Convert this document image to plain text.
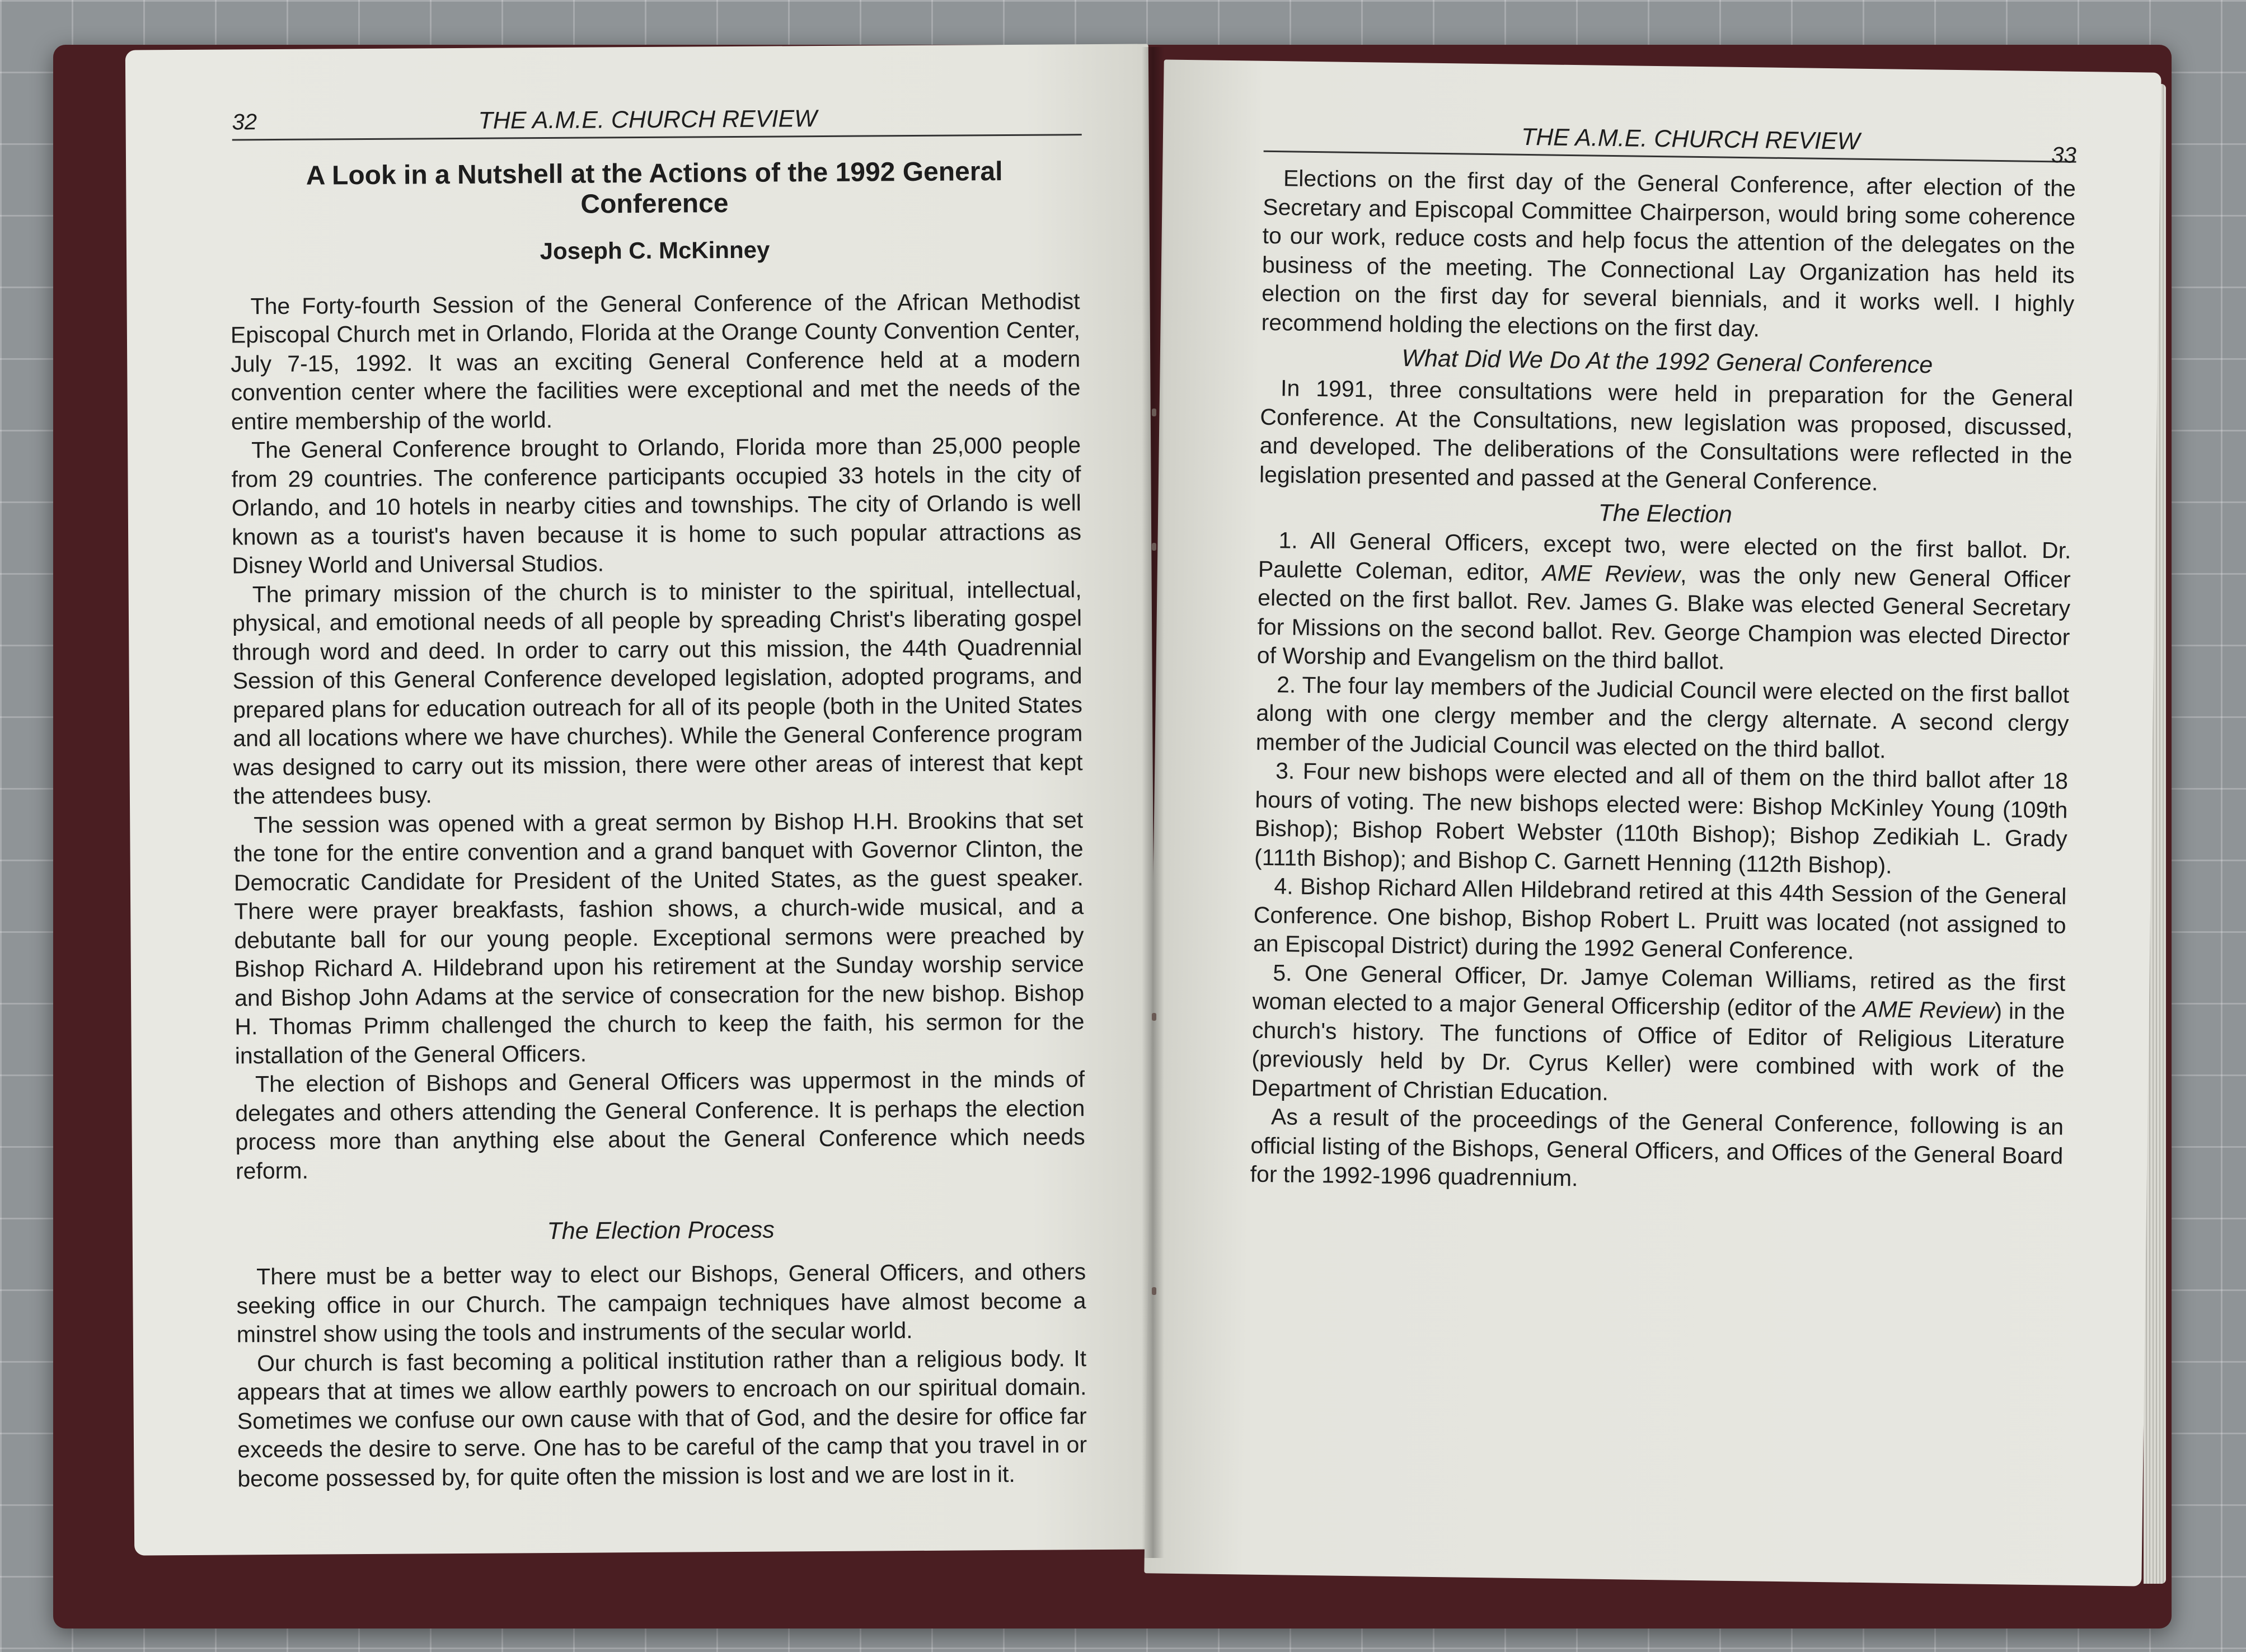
32	THE A.M.E. CHURCH REVIEW
A Look in a Nutshell at the Actions of the 1992 General Conference
Joseph C. McKinney

The Forty-fourth Session of the General Conference of the African Methodist Episcopal Church met in Orlando, Florida at the Orange County Convention Center, July 7-15, 1992. It was an exciting General Conference held at a modern convention center where the facilities were exceptional and met the needs of the entire membership of the world.

The General Conference brought to Orlando, Florida more than 25,000 people from 29 countries. The conference participants occupied 33 hotels in the city of Orlando, and 10 hotels in nearby cities and townships. The city of Orlando is well known as a tourist's haven because it is home to such popular attractions as Disney World and Universal Studios.

The primary mission of the church is to minister to the spiritual, intellectual, physical, and emotional needs of all people by spreading Christ's liberating gospel through word and deed. In order to carry out this mission, the 44th Quadrennial Session of this General Conference developed legislation, adopted programs, and prepared plans for education outreach for all of its people (both in the United States and all locations where we have churches). While the General Conference program was designed to carry out its mission, there were other areas of interest that kept the attendees busy.

The session was opened with a great sermon by Bishop H.H. Brookins that set the tone for the entire convention and a grand banquet with Governor Clinton, the Democratic Candidate for President of the United States, as the guest speaker. There were prayer breakfasts, fashion shows, a church-wide musical, and a debutante ball for our young people. Exceptional sermons were preached by Bishop Richard A. Hildebrand upon his retirement at the Sunday worship service and Bishop John Adams at the service of consecration for the new bishop. Bishop H. Thomas Primm challenged the church to keep the faith, his sermon for the installation of the General Officers.

The election of Bishops and General Officers was uppermost in the minds of delegates and others attending the General Conference. It is perhaps the election process more than anything else about the General Conference which needs reform.

The Election Process

There must be a better way to elect our Bishops, General Officers, and others seeking office in our Church. The campaign techniques have almost become a minstrel show using the tools and instruments of the secular world.

Our church is fast becoming a political institution rather than a religious body. It appears that at times we allow earthly powers to encroach on our spiritual domain. Sometimes we confuse our own cause with that of God, and the desire for office far exceeds the desire to serve. One has to be careful of the camp that you travel in or become possessed by, for quite often the mission is lost and we are lost in it.

THE A.M.E. CHURCH REVIEW
33

Elections on the first day of the General Conference, after election of the Secretary and Episcopal Committee Chairperson, would bring some coherence to our work, reduce costs and help focus the attention of the delegates on the business of the meeting. The Connectional Lay Organization has held its election on the first day for several biennials, and it works well. I highly recommend holding the elections on the first day.

What Did We Do At the 1992 General Conference

In 1991, three consultations were held in preparation for the General Conference. At the Consultations, new legislation was proposed, discussed, and developed. The deliberations of the Consultations were reflected in the legislation presented and passed at the General Conference.

The Election

1. All General Officers, except two, were elected on the first ballot. Dr. Paulette Coleman, editor, AME Review, was the only new General Officer elected on the first ballot. Rev. James G. Blake was elected General Secretary for Missions on the second ballot. Rev. George Champion was elected Director of Worship and Evangelism on the third ballot.

2. The four lay members of the Judicial Council were elected on the first ballot along with one clergy member and the clergy alternate. A second clergy member of the Judicial Council was elected on the third ballot.

3. Four new bishops were elected and all of them on the third ballot after 18 hours of voting. The new bishops elected were: Bishop McKinley Young (109th Bishop); Bishop Robert Webster (110th Bishop); Bishop Zedikiah L. Grady (111th Bishop); and Bishop C. Garnett Henning (112th Bishop).

4. Bishop Richard Allen Hildebrand retired at this 44th Session of the General Conference. One bishop, Bishop Robert L. Pruitt was located (not assigned to an Episcopal District) during the 1992 General Conference.

5. One General Officer, Dr. Jamye Coleman Williams, retired as the first woman elected to a major General Officership (editor of the AME Review) in the church's history. The functions of Office of Editor of Religious Literature (previously held by Dr. Cyrus Keller) were combined with work of the Department of Christian Education.

As a result of the proceedings of the General Conference, following is an official listing of the Bishops, General Officers, and Offices of the General Board for the 1992-1996 quadrennium.
